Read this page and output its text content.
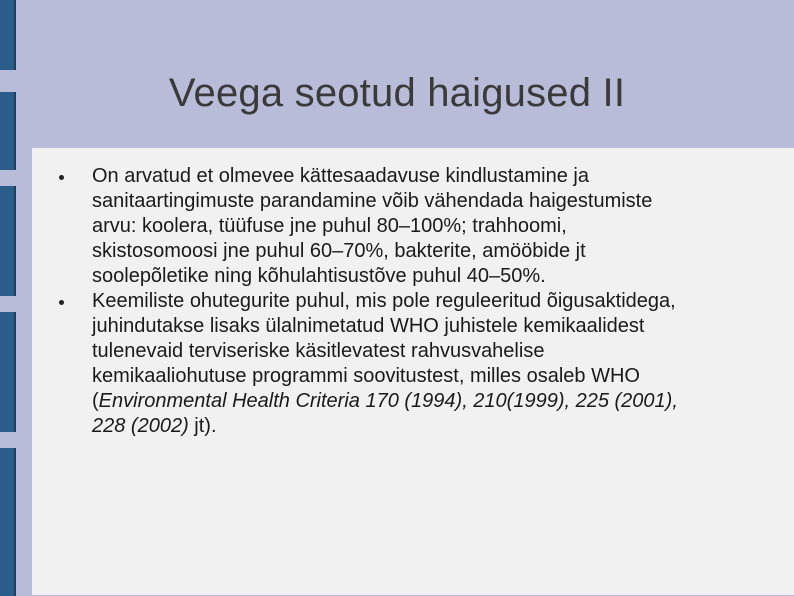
Veega seotud haigused II
On arvatud et olmevee kättesaadavuse kindlustamine ja sanitaartingimuste parandamine võib vähendada haigestumiste arvu: koolera, tüüfuse jne puhul 80–100%; trahhoomi, skistosomoosi jne puhul 60–70%, bakterite, amööbide jt soolepõletike ning kõhulahtisustõve puhul 40–50%.
Keemiliste ohutegurite puhul, mis pole reguleeritud õigusaktidega, juhindutakse lisaks ülalnimetatud WHO juhistele kemikaalidest tulenevaid terviseriske käsitlevatest rahvusvahelise kemikaaliohutuse programmi soovitustest, milles osaleb WHO (Environmental Health Criteria 170 (1994), 210(1999), 225 (2001), 228 (2002) jt).
